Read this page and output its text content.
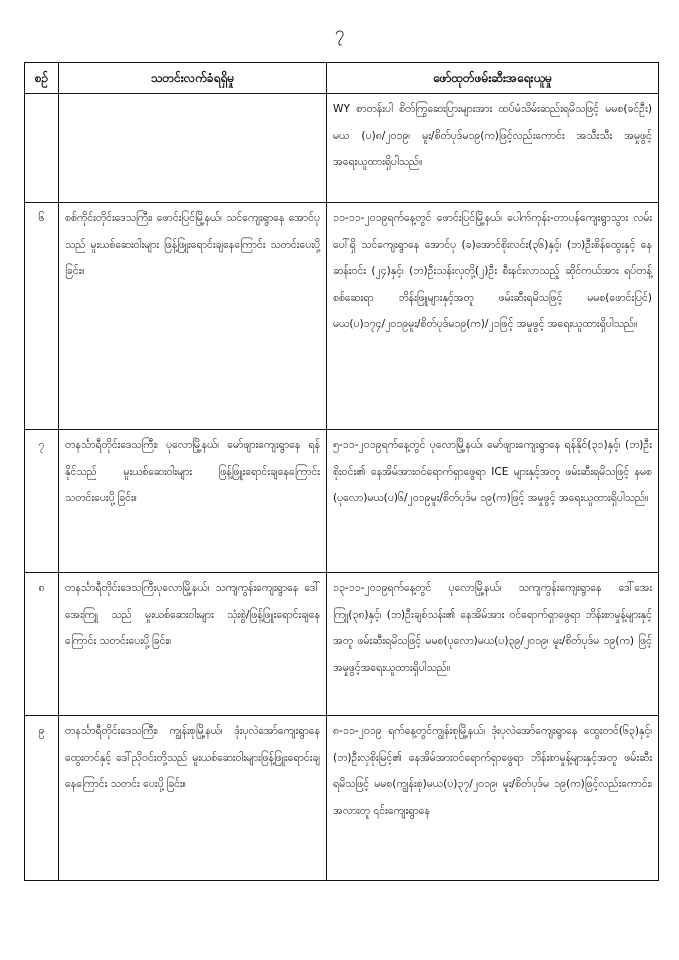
၇
စဉ်	သတင်းလက်ခံရရှိမှု	ဖော်ထုတ်ဖမ်းဆီးအရေးယူမှု
		WY စာတန်းပါ စိတ်ကြွဆေးပြားများအား ထပ်မံသိမ်းဆည်းရမိသဖြင့် မမစ(ခင်ဦး) မယ (ပ)၈/၂၀၁၉၊ မူး/စိတ်ပုဒ်မ၁၉(က)ဖြင့်လည်းကောင်း အသီးသီး အမှုဖွင့် အရေးယူထားရှိပါသည်။
၆	စစ်ကိုင်းတိုင်းဒေသကြီး၊ ဖောင်းပြင်မြို့နယ်၊ သင်ကျေးရွာနေ အောင်ပုသည် မူးယစ်ဆေးဝါးများ ဖြန့်ဖြူးရောင်းချနေကြောင်း သတင်းပေးပို့ခြင်း။	၁၁-၁၁-၂၀၁၉ရက်နေ့တွင် ဖောင်းပြင်မြို့နယ်၊ ပေါက်ကုန်း-တာပန်ကျေးရွာသွား လမ်းပေါ်ရှိ သင်ကျေးရွာနေ အောင်ပု (ခ)အောင်စိုးလင်း(၃၆)နှင့်၊ (ဘ)ဦးစိန်ထွေးနှင့် နေဆန်းဝင်း (၂၄)နှင့်၊ (ဘ)ဦးသန်းလှတို့(၂)ဦး စီးနင်းလာသည့် ဆိုင်ကယ်အား ရပ်တန့်စစ်ဆေးရာ ဘိန်းဖြူများနှင့်အတူ ဖမ်းဆီးရမိသဖြင့် မမစ(ဖောင်းပြင်) မယ(ပ)၁၇၄/၂၀၁၉မူး/စိတ်ပုဒ်မ၁၉(က)/၂၁ဖြင့် အမှုဖွင့် အရေးယူထားရှိပါသည်။
၇	တနင်္သာရီတိုင်းဒေသကြီး၊ ပုလောမြို့နယ်၊ မော်ဖျားကျေးရွာနေ ရန်နိုင်သည် မူးယစ်ဆေးဝါးများ ဖြန့်ဖြူးရောင်းချနေကြောင်း သတင်းပေးပို့ခြင်း။	၅-၁၁-၂၀၁၉ရက်နေ့တွင် ပုလောမြို့နယ်၊ မော်ဖျားကျေးရွာနေ ရန်နိုင်(၃၁)နှင့်၊ (ဘ)ဦးစိုးဝင်း၏ နေအိမ်အားဝင်ရောက်ရှာဖွေရာ ICE များနှင့်အတူ ဖမ်းဆီးရမိသဖြင့် နမစ (ပုလော)မယ(ပ)၆/၂၀၁၉မူး/စိတ်ပုဒ်မ ၁၉(က)ဖြင့် အမှုဖွင့် အရေးယူထားရှိပါသည်။
၈	တနင်္သာရီတိုင်းဒေသကြီးပုလောမြို့နယ်၊ သကျကွန်းကျေးရွာနေ ဒေါ်အေးကြူ သည် မူးယစ်ဆေးဝါးများ သုံးစွဲ/ဖြန့်ဖြူးရောင်းချနေကြောင်း သတင်းပေးပို့ခြင်း။	၁၃-၁၁-၂၀၁၉ရက်နေ့တွင် ပုလောမြို့နယ်၊ သကျကွန်းကျေးရွာနေ ဒေါ်အေးကြူ(၃၈)နှင့်၊ (ဘ)ဦးချစ်သန်း၏ နေအိမ်အား ဝင်ရောက်ရှာဖွေရာ ဘိန်းစာမှုန့်များနှင့်အတူ ဖမ်းဆီးရမိသဖြင့် မမစ(ပုလော)မယ(ပ)၃၉/၂၀၁၉၊ မူး/စိတ်ပုဒ်မ ၁၉(က) ဖြင့်အမှုဖွင့်အရေးယူထားရှိပါသည်။
၉	တနင်္သာရီတိုင်းဒေသကြီး၊ ကျွန်းစုမြို့နယ်၊ ဒုံးပုလဲအော်ကျေးရွာနေ ထွေးတင်နှင့် ဒေါ်ညိုဝင်းတို့သည် မူးယစ်ဆေးဝါးများဖြန့်ဖြူးရောင်းချနေကြောင်း သတင်း ပေးပို့ခြင်း။	၈-၁၁-၂၀၁၉ ရက်နေ့တွင်ကျွန်းစုမြို့နယ်၊ ဒုံးပုလဲအော်ကျေးရွာနေ ထွေးတင်(၆၃)နှင့်၊ (ဘ)ဦးလှစိုးမြင့်၏ နေအိမ်အားဝင်ရောက်ရှာဖွေရာ ဘိန်းစာမှုန့်များနှင့်အတူ ဖမ်းဆီးရမိသဖြင့် မမစ(ကျွန်းစု)မယ(ပ)၃၇/၂၀၁၉၊ မူး/စိတ်ပုဒ်မ ၁၉(က)ဖြင့်လည်းကောင်း၊ အလားတူ ၎င်းကျေးရွာနေ
